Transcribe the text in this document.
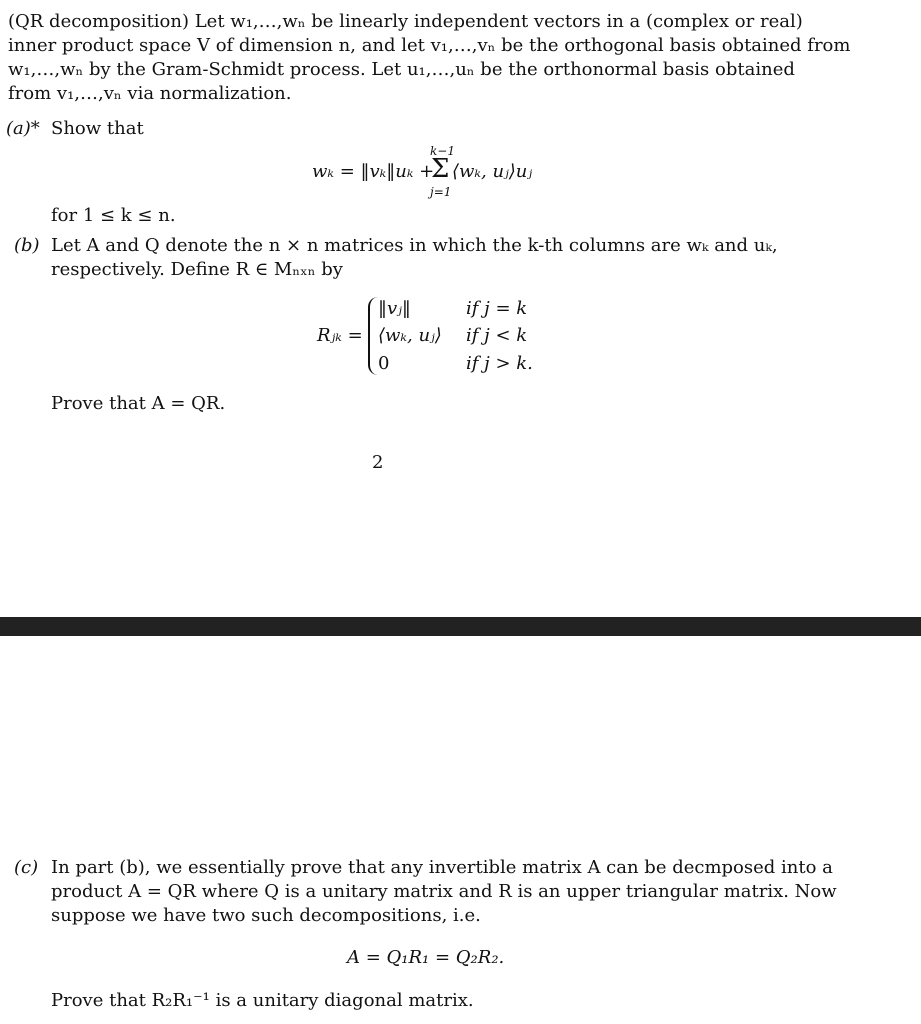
(QR decomposition) Let w₁,…,wₙ be linearly independent vectors in a (complex or real)
inner product space V of dimension n, and let v₁,…,vₙ be the orthogonal basis obtained from
w₁,…,wₙ by the Gram-Schmidt process. Let u₁,…,uₙ be the orthonormal basis obtained
from v₁,…,vₙ via normalization.
(a)* Show that
wₖ = ‖vₖ‖uₖ +
k−1
Σ
j=1
⟨wₖ, uⱼ⟩uⱼ
for 1 ≤ k ≤ n.
(b) Let A and Q denote the n × n matrices in which the k-th columns are wₖ and uₖ,
respectively. Define R ∈ Mₙₓₙ by
Rⱼₖ =
‖vⱼ‖	if j = k
⟨wₖ, uⱼ⟩ if j < k
0	if j > k.
Prove that A = QR.
2
(c) In part (b), we essentially prove that any invertible matrix A can be decmposed into a
product A = QR where Q is a unitary matrix and R is an upper triangular matrix. Now
suppose we have two such decompositions, i.e.
A = Q₁R₁ = Q₂R₂.
Prove that R₂R₁⁻¹ is a unitary diagonal matrix.
